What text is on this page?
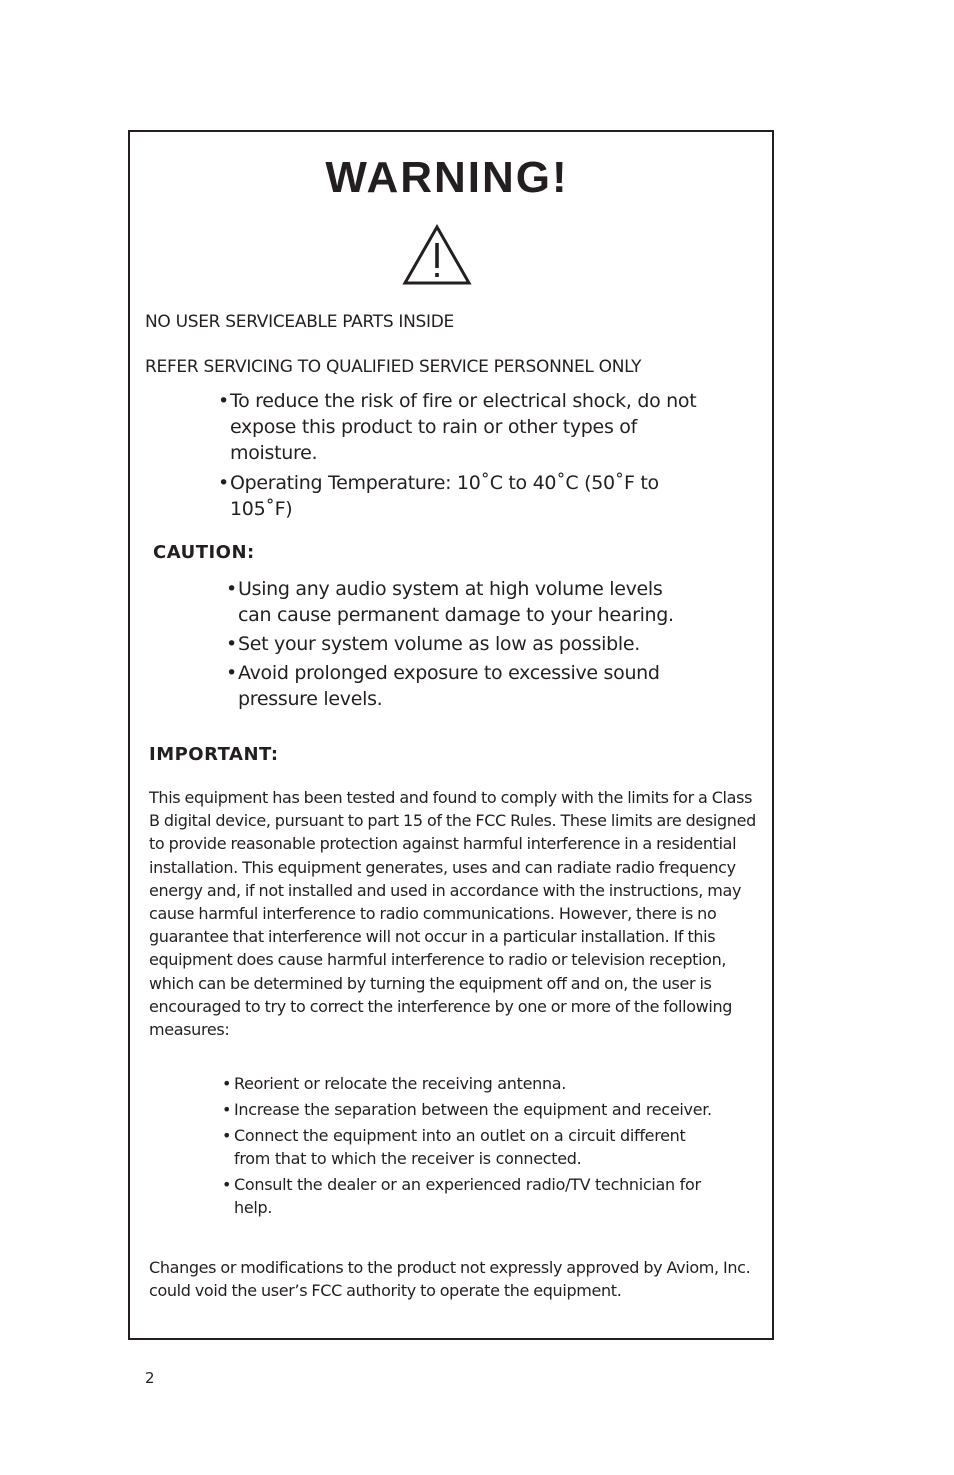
WARNING!

NO USER SERVICEABLE PARTS INSIDE

REFER SERVICING TO QUALIFIED SERVICE PERSONNEL ONLY

• To reduce the risk of fire or electrical shock, do not expose this product to rain or other types of moisture.
• Operating Temperature: 10˚C to 40˚C (50˚F to 105˚F)
CAUTION:
• Using any audio system at high volume levels can cause permanent damage to your hearing.
• Set your system volume as low as possible.
• Avoid prolonged exposure to excessive sound pressure levels.
IMPORTANT:

This equipment has been tested and found to comply with the limits for a Class B digital device, pursuant to part 15 of the FCC Rules. These limits are designed to provide reasonable protection against harmful interference in a residential installation. This equipment generates, uses and can radiate radio frequency energy and, if not installed and used in accordance with the instructions, may cause harmful interference to radio communications. However, there is no guarantee that interference will not occur in a particular installation. If this equipment does cause harmful interference to radio or television reception, which can be determined by turning the equipment off and on, the user is encouraged to try to correct the interference by one or more of the following measures:

• Reorient or relocate the receiving antenna.
• Increase the separation between the equipment and receiver.
• Connect the equipment into an outlet on a circuit different from that to which the receiver is connected.
• Consult the dealer or an experienced radio/TV technician for help.

Changes or modifications to the product not expressly approved by Aviom, Inc. could void the user’s FCC authority to operate the equipment.

2
